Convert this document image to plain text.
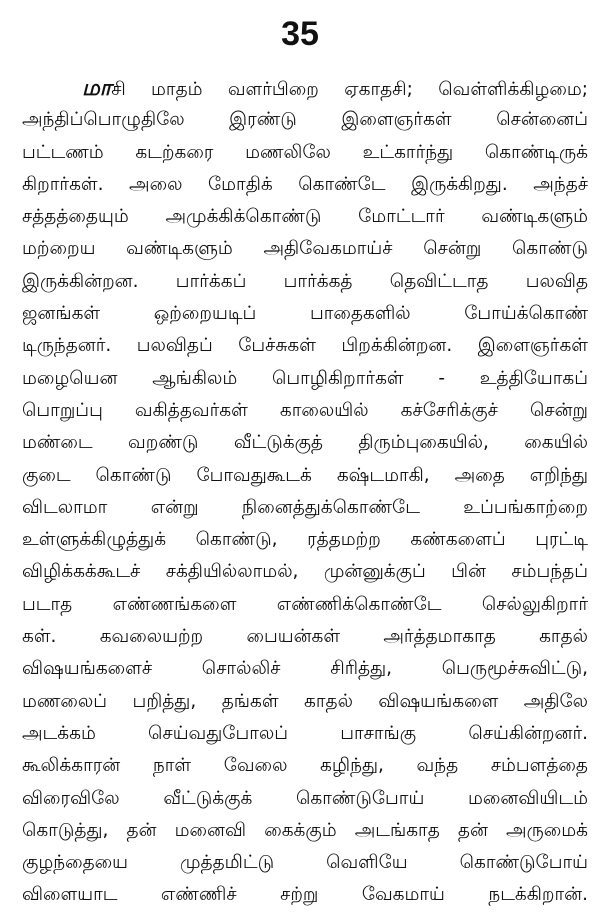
35
மாசி மாதம் வளர்பிறை ஏகாதசி; வெள்ளிக்கிழமை;
அந்திப்பொழுதிலே இரண்டு இளைஞர்கள் சென்னைப்
பட்டணம் கடற்கரை மணலிலே உட்கார்ந்து கொண்டிருக்
கிறார்கள். அலை மோதிக் கொண்டே இருக்கிறது. அந்தச்
சத்தத்தையும் அமுக்கிக்கொண்டு மோட்டார் வண்டிகளும்
மற்றைய வண்டிகளும் அதிவேகமாய்ச் சென்று கொண்டு
இருக்கின்றன. பார்க்கப் பார்க்கத் தெவிட்டாத பலவித
ஜனங்கள் ஒற்றையடிப் பாதைகளில் போய்க்கொண்
டிருந்தனர். பலவிதப் பேச்சுகள் பிறக்கின்றன. இளைஞர்கள்
மழையென ஆங்கிலம் பொழிகிறார்கள் - உத்தியோகப்
பொறுப்பு வகித்தவர்கள் காலையில் கச்சேரிக்குச் சென்று
மண்டை வறண்டு வீட்டுக்குத் திரும்புகையில், கையில்
குடை கொண்டு போவதுகூடக் கஷ்டமாகி, அதை எறிந்து
விடலாமா என்று நினைத்துக்கொண்டே உப்பங்காற்றை
உள்ளுக்கிழுத்துக் கொண்டு, ரத்தமற்ற கண்களைப் புரட்டி
விழிக்கக்கூடச் சக்தியில்லாமல், முன்னுக்குப் பின் சம்பந்தப்
படாத எண்ணங்களை எண்ணிக்கொண்டே செல்லுகிறார்
கள். கவலையற்ற பையன்கள் அர்த்தமாகாத காதல்
விஷயங்களைச் சொல்லிச் சிரித்து, பெருமூச்சுவிட்டு,
மணலைப் பறித்து, தங்கள் காதல் விஷயங்களை அதிலே
அடக்கம் செய்வதுபோலப் பாசாங்கு செய்கின்றனர்.
கூலிக்காரன் நாள் வேலை கழிந்து, வந்த சம்பளத்தை
விரைவிலே வீட்டுக்குக் கொண்டுபோய் மனைவியிடம்
கொடுத்து, தன் மனைவி கைக்கும் அடங்காத தன் அருமைக்
குழந்தையை முத்தமிட்டு வெளியே கொண்டுபோய்
விளையாட எண்ணிச் சற்று வேகமாய் நடக்கிறான்.
